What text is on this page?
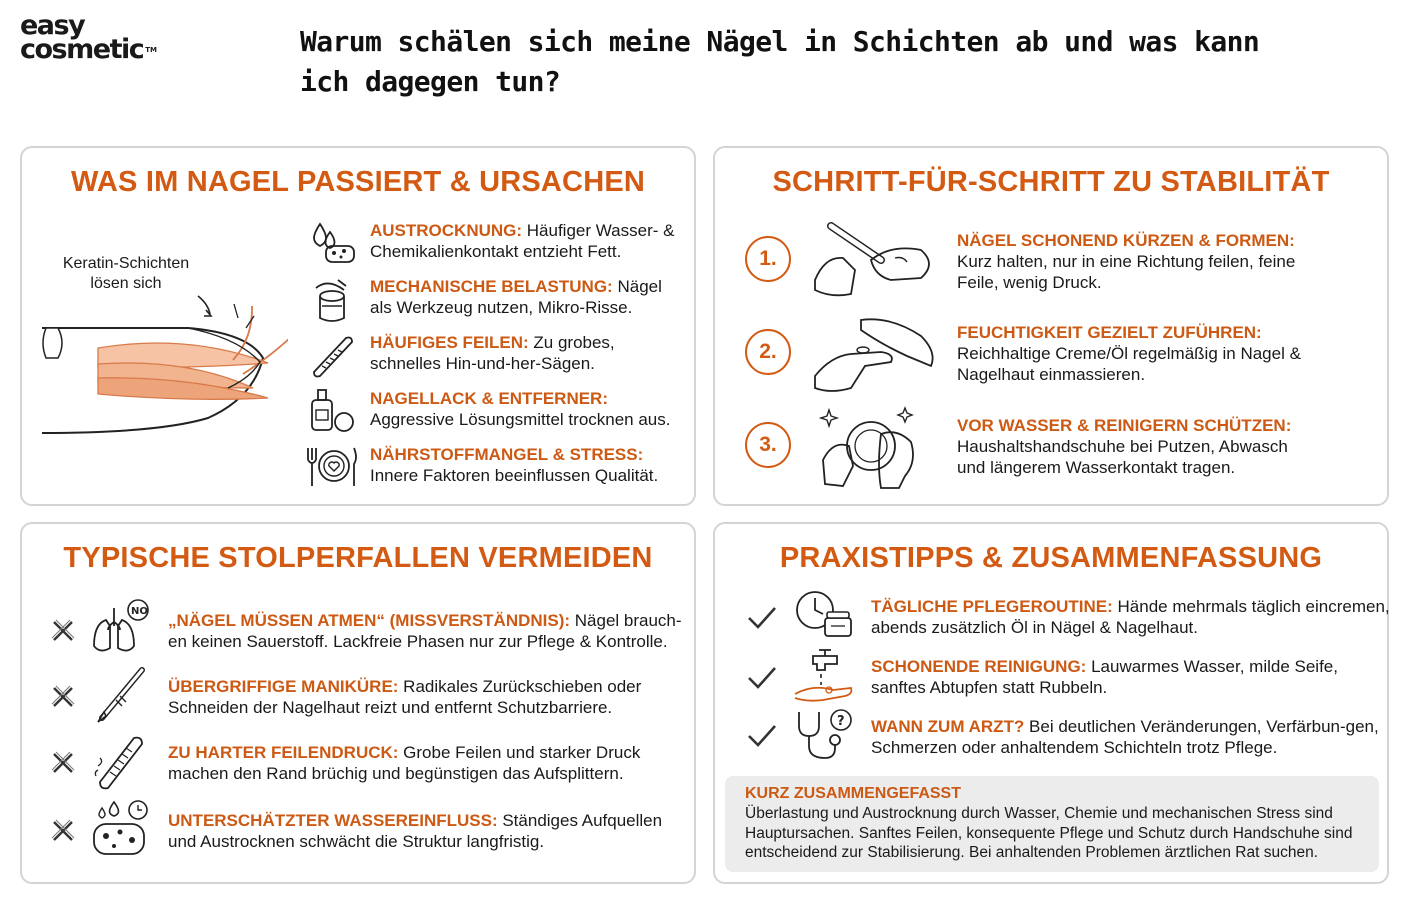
easy
cosmetic ™	Warum schälen sich meine Nägel in Schichten ab und was kann ich dagegen tun?
WAS IM NAGEL PASSIERT & URSACHEN
Keratin-Schichten lösen sich
AUSTROCKNUNG: Häufiger Wasser- & Chemikalienkontakt entzieht Fett.
MECHANISCHE BELASTUNG: Nägel als Werkzeug nutzen, Mikro-Risse.
HÄUFIGES FEILEN: Zu grobes, schnelles Hin-und-her-Sägen.
NAGELLACK & ENTFERNER: Aggressive Lösungsmittel trocknen aus.
NÄHRSTOFFMANGEL & STRESS: Innere Faktoren beeinflussen Qualität.
SCHRITT-FÜR-SCHRITT ZU STABILITÄT
1.
NÄGEL SCHONEND KÜRZEN & FORMEN:
Kurz halten, nur in eine Richtung feilen, feine Feile, wenig Druck.
2.
FEUCHTIGKEIT GEZIELT ZUFÜHREN:
Reichhaltige Creme/Öl regelmäßig in Nagel & Nagelhaut einmassieren.
3.
VOR WASSER & REINIGERN SCHÜTZEN:
Haushaltshandschuhe bei Putzen, Abwasch und längerem Wasserkontakt tragen.
TYPISCHE STOLPERFALLEN VERMEIDEN
NO „NÄGEL MÜSSEN ATMEN“ (MISSVERSTÄNDNIS): Nägel brauch-en keinen Sauerstoff. Lackfreie Phasen nur zur Pflege & Kontrolle.
ÜBERGRIFFIGE MANIKÜRE: Radikales Zurückschieben oder Schneiden der Nagelhaut reizt und entfernt Schutzbarriere.
ZU HARTER FEILENDRUCK: Grobe Feilen und starker Druck machen den Rand brüchig und begünstigen das Aufsplittern.
UNTERSCHÄTZTER WASSEREINFLUSS: Ständiges Aufquellen und Austrocknen schwächt die Struktur langfristig.
PRAXISTIPPS & ZUSAMMENFASSUNG
TÄGLICHE PFLEGEROUTINE: Hände mehrmals täglich eincremen, abends zusätzlich Öl in Nägel & Nagelhaut.
SCHONENDE REINIGUNG: Lauwarmes Wasser, milde Seife, sanftes Abtupfen statt Rubbeln.
? WANN ZUM ARZT? Bei deutlichen Veränderungen, Verfärbun-gen, Schmerzen oder anhaltendem Schichteln trotz Pflege.
KURZ ZUSAMMENGEFASST
Überlastung und Austrocknung durch Wasser, Chemie und mechanischen Stress sind Hauptursachen. Sanftes Feilen, konsequente Pflege und Schutz durch Handschuhe sind entscheidend zur Stabilisierung. Bei anhaltenden Problemen ärztlichen Rat suchen.
